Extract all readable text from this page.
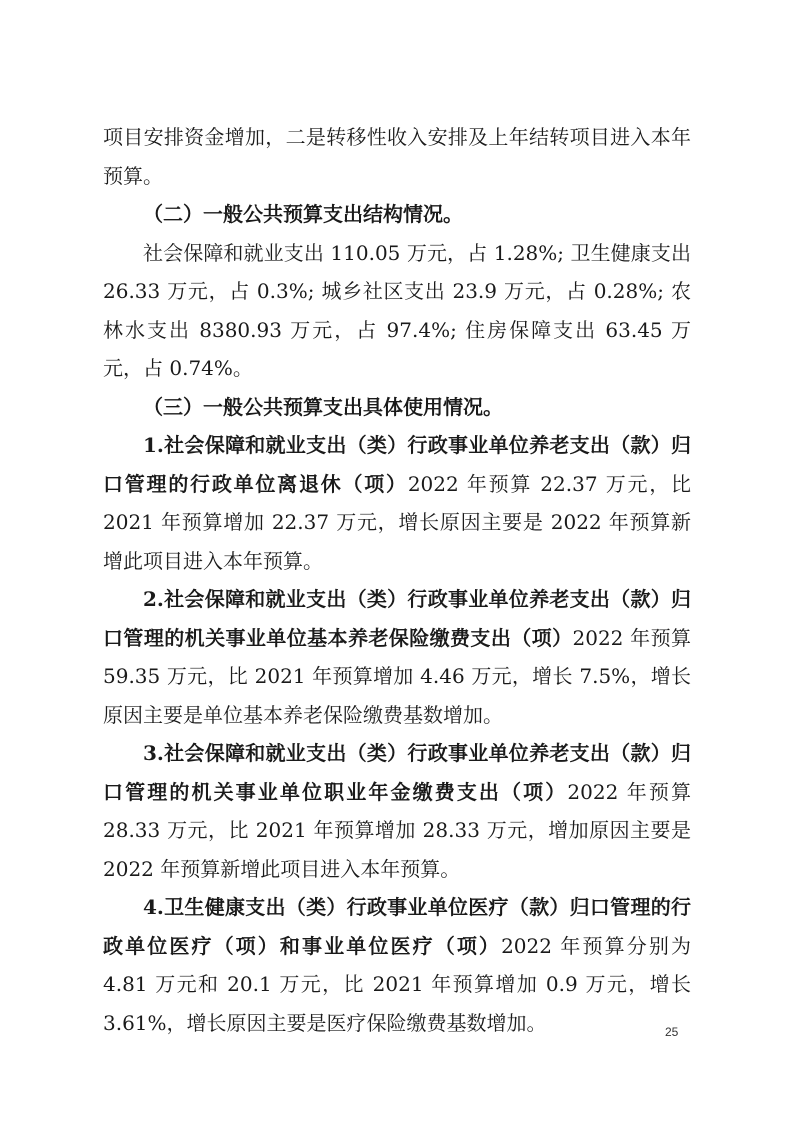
项目安排资金增加，二是转移性收入安排及上年结转项目进入本年预算。

（二）一般公共预算支出结构情况。

社会保障和就业支出 110.05 万元，占 1.28%; 卫生健康支出 26.33 万元，占 0.3%; 城乡社区支出 23.9 万元，占 0.28%; 农林水支出 8380.93 万元，占 97.4%; 住房保障支出 63.45 万元，占 0.74%。

（三）一般公共预算支出具体使用情况。

1.社会保障和就业支出（类）行政事业单位养老支出（款）归口管理的行政单位离退休（项）2022 年预算 22.37 万元，比 2021 年预算增加 22.37 万元，增长原因主要是 2022 年预算新增此项目进入本年预算。

2.社会保障和就业支出（类）行政事业单位养老支出（款）归口管理的机关事业单位基本养老保险缴费支出（项）2022 年预算 59.35 万元，比 2021 年预算增加 4.46 万元，增长 7.5%，增长原因主要是单位基本养老保险缴费基数增加。

3.社会保障和就业支出（类）行政事业单位养老支出（款）归口管理的机关事业单位职业年金缴费支出（项）2022 年预算 28.33 万元，比 2021 年预算增加 28.33 万元，增加原因主要是 2022 年预算新增此项目进入本年预算。

4.卫生健康支出（类）行政事业单位医疗（款）归口管理的行政单位医疗（项）和事业单位医疗（项）2022 年预算分别为 4.81 万元和 20.1 万元，比 2021 年预算增加 0.9 万元，增长 3.61%，增长原因主要是医疗保险缴费基数增加。	25
